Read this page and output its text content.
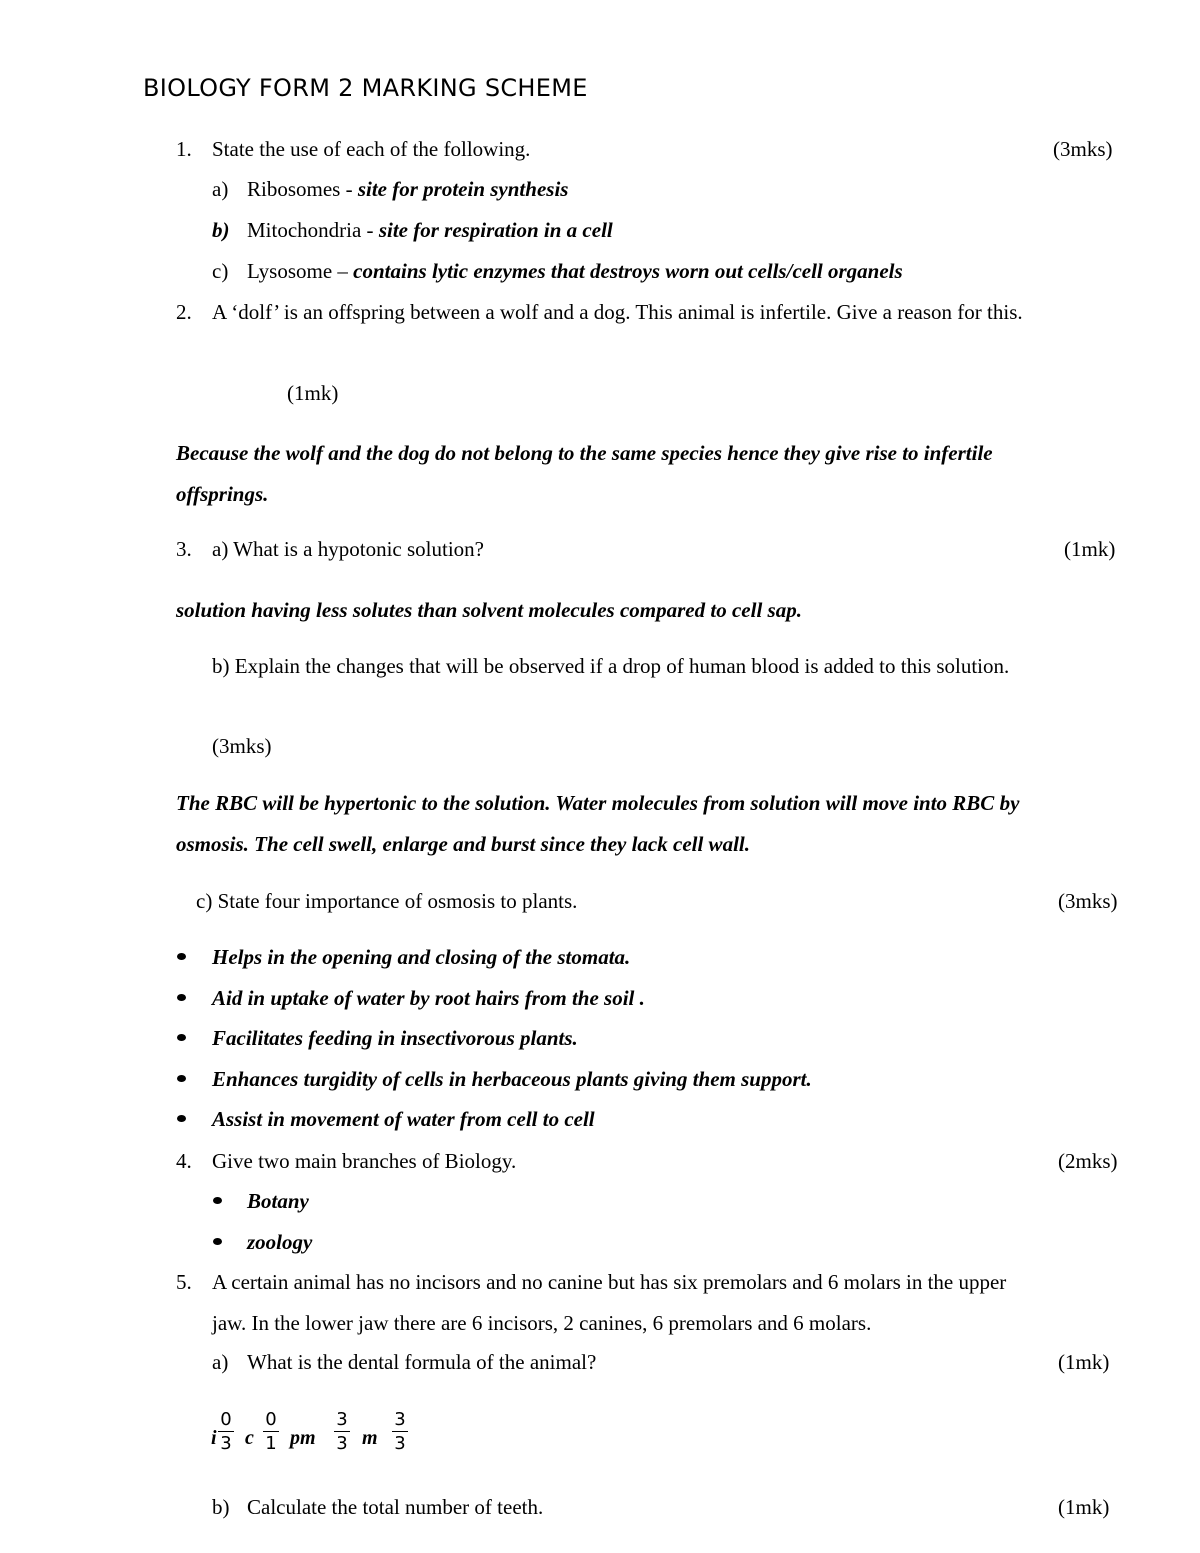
BIOLOGY FORM 2 MARKING SCHEME
1. State the use of each of the following.	(3mks)
a) Ribosomes - site for protein synthesis
b) Mitochondria - site for respiration in a cell
c) Lysosome – contains lytic enzymes that destroys worn out cells/cell organels
2. A ‘dolf’ is an offspring between a wolf and a dog. This animal is infertile. Give a reason for this.
(1mk)
Because the wolf and the dog do not belong to the same species hence they give rise to infertile
offsprings.
3. a) What is a hypotonic solution?	(1mk)
solution having less solutes than solvent molecules compared to cell sap.
b) Explain the changes that will be observed if a drop of human blood is added to this solution.
(3mks)
The RBC will be hypertonic to the solution. Water molecules from solution will move into RBC by
osmosis. The cell swell, enlarge and burst since they lack cell wall.
c) State four importance of osmosis to plants.	(3mks)
Helps in the opening and closing of the stomata.
Aid in uptake of water by root hairs from the soil .
Facilitates feeding in insectivorous plants.
Enhances turgidity of cells in herbaceous plants giving them support.
Assist in movement of water from cell to cell
4. Give two main branches of Biology.	(2mks)
Botany
zoology
5. A certain animal has no incisors and no canine but has six premolars and 6 molars in the upper
jaw. In the lower jaw there are 6 incisors, 2 canines, 6 premolars and 6 molars.
a) What is the dental formula of the animal?	(1mk)
i
0
3 c
0
1 pm
3
3 m
3
3
b) Calculate the total number of teeth.	(1mk)
